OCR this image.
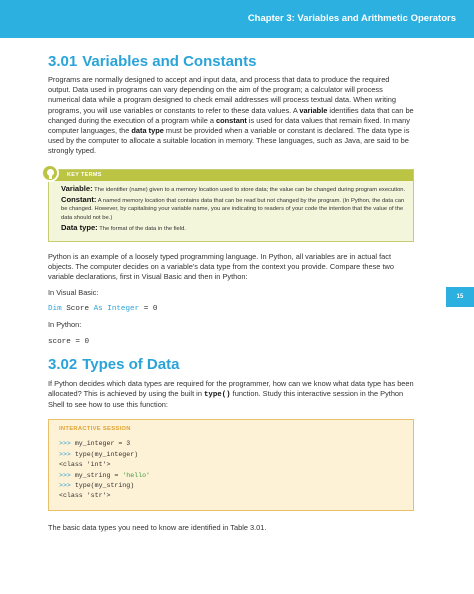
Chapter 3: Variables and Arithmetic Operators
15
3.01 Variables and Constants

Programs are normally designed to accept and input data, and process that data to produce the required output. Data used in programs can vary depending on the aim of the program; a calculator will process numerical data while a program designed to check email addresses will process textual data. When writing programs, you will use variables or constants to refer to these data values. A variable identifies data that can be changed during the execution of a program while a constant is used for data values that remain fixed. In many computer languages, the data type must be provided when a variable or constant is declared. The data type is used by the computer to allocate a suitable location in memory. These languages, such as Java, are said to be strongly typed.

KEY TERMS
Variable: The identifier (name) given to a memory location used to store data; the value can be changed during program execution.
Constant: A named memory location that contains data that can be read but not changed by the program. (In Python, the data can be changed. However, by capitalising your variable name, you are indicating to readers of your code the intention that the value of the data should not be.)
Data type: The format of the data in the field.

Python is an example of a loosely typed programming language. In Python, all variables are in actual fact objects. The computer decides on a variable's data type from the context you provide. Compare these two variable declarations, first in Visual Basic and then in Python:

In Visual Basic:

Dim Score As Integer = 0

In Python:

score = 0
3.02 Types of Data

If Python decides which data types are required for the programmer, how can we know what data type has been allocated? This is achieved by using the built in type() function. Study this interactive session in the Python Shell to see how to use this function:

INTERACTIVE SESSION
>>> my_integer = 3
>>> type(my_integer)
<class 'int'>
>>> my_string = 'hello'
>>> type(my_string)
<class 'str'>

The basic data types you need to know are identified in Table 3.01.
